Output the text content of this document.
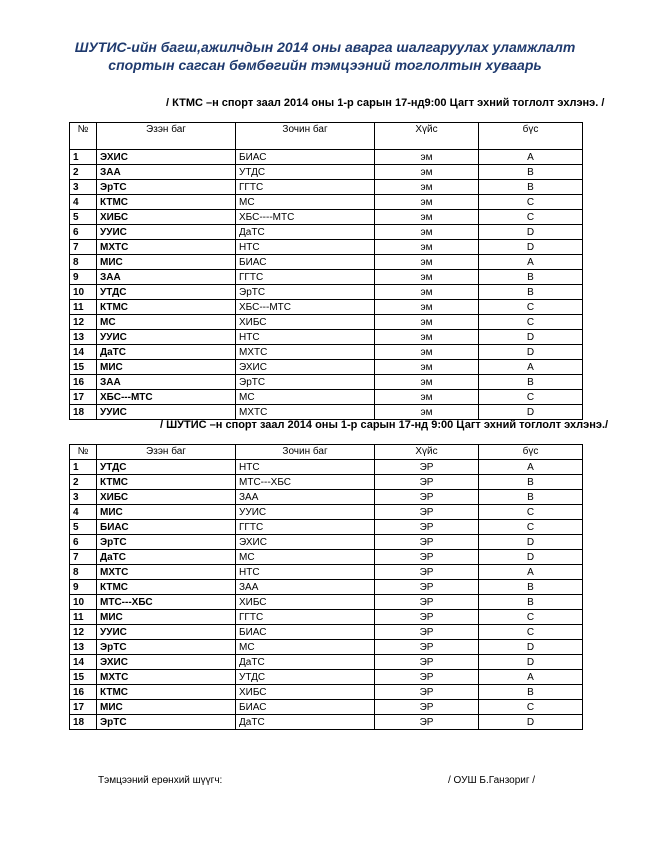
ШУТИС-ийн багш,ажилчдын 2014 оны аварга шалгаруулах уламжлалт спортын сагсан бөмбөгийн тэмцээний тоглолтын хуваарь
/ КТМС –н спорт заал 2014 оны 1-р сарын 17-нд9:00 Цагт эхний тоглолт эхлэнэ. /
№	Эзэн баг	Зочин баг	Хүйс	бүс
1	ЭХИС	БИАС	эм	A
2	ЗАА	УТДС	эм	B
3	ЭрТС	ГГТС	эм	B
4	КТМС	МС	эм	C
5	ХИБС	ХБС----МТС	эм	C
6	УУИС	ДаТС	эм	D
7	МХТС	НТС	эм	D
8	МИС	БИАС	эм	A
9	ЗАА	ГГТС	эм	B
10	УТДС	ЭрТС	эм	B
11	КТМС	ХБС---МТС	эм	C
12	МС	ХИБС	эм	C
13	УУИС	НТС	эм	D
14	ДаТС	МХТС	эм	D
15	МИС	ЭХИС	эм	A
16	ЗАА	ЭрТС	эм	B
17	ХБС---МТС	МС	эм	C
18	УУИС	МХТС	эм	D
/ ШУТИС –н спорт заал 2014 оны 1-р сарын 17-нд 9:00 Цагт эхний тоглолт эхлэнэ./
№	Эзэн баг	Зочин баг	Хүйс	бүс
1	УТДС	НТС	ЭР	A
2	КТМС	МТС---ХБС	ЭР	B
3	ХИБС	ЗАА	ЭР	B
4	МИС	УУИС	ЭР	C
5	БИАС	ГГТС	ЭР	C
6	ЭрТС	ЭХИС	ЭР	D
7	ДаТС	МС	ЭР	D
8	МХТС	НТС	ЭР	A
9	КТМС	ЗАА	ЭР	B
10	МТС---ХБС	ХИБС	ЭР	B
11	МИС	ГГТС	ЭР	C
12	УУИС	БИАС	ЭР	C
13	ЭрТС	МС	ЭР	D
14	ЭХИС	ДаТС	ЭР	D
15	МХТС	УТДС	ЭР	A
16	КТМС	ХИБС	ЭР	B
17	МИС	БИАС	ЭР	C
18	ЭрТС	ДаТС	ЭР	D
Тэмцээний ерөнхий шүүгч:	/ ОУШ Б.Ганзориг /
